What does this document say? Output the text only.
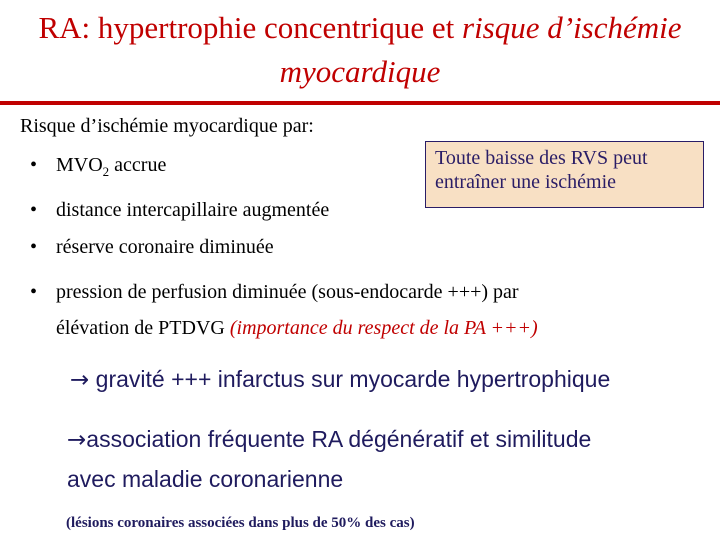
RA: hypertrophie concentrique et risque d’ischémie myocardique
Risque d’ischémie myocardique par:
• $MVO_2$ accrue
• distance intercapillaire augmentée
• réserve coronaire diminuée
• pression de perfusion diminuée (sous-endocarde +++) par
élévation de PTDVG (importance du respect de la PA +++)
Toute baisse des RVS peut entraîner une ischémie
→ gravité +++ infarctus sur myocarde hypertrophique
→association fréquente RA dégénératif et similitude
avec maladie coronarienne
(lésions coronaires associées dans plus de 50% des cas)
